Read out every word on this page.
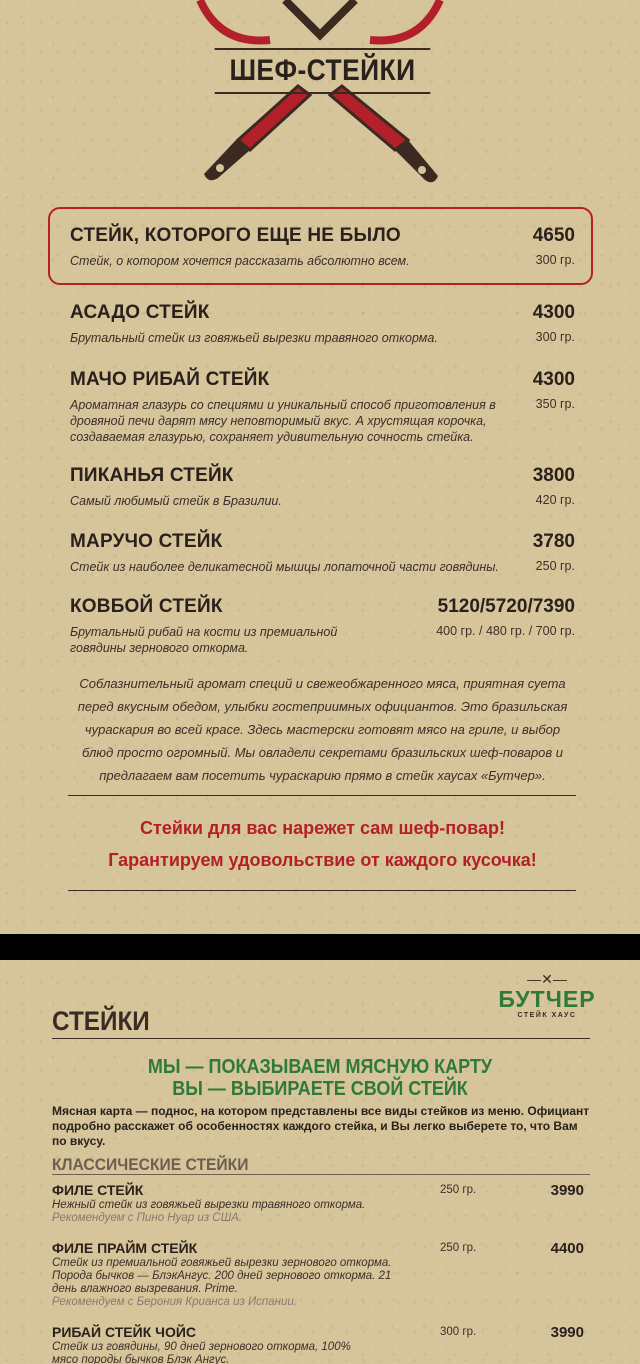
ШЕФ-СТЕЙКИ
СТЕЙК, КОТОРОГО ЕЩЕ НЕ БЫЛО	4650
Стейк, о котором хочется рассказать абсолютно всем.	300 гр.
АСАДО СТЕЙК	4300
Брутальный стейк из говяжьей вырезки травяного откорма.	300 гр.
МАЧО РИБАЙ СТЕЙК	4300
Ароматная глазурь со специями и уникальный способ приготовления в дровяной печи дарят мясу неповторимый вкус. А хрустящая корочка, создаваемая глазурью, сохраняет удивительную сочность стейка.
350 гр.
ПИКАНЬЯ СТЕЙК	3800
Самый любимый стейк в Бразилии.	420 гр.
МАРУЧО СТЕЙК	3780
Стейк из наиболее деликатесной мышцы лопаточной части говядины.	250 гр.
КОВБОЙ СТЕЙК	5120/5720/7390
Брутальный рибай на кости из премиальной говядины зернового откорма.
400 гр. / 480 гр. / 700 гр.
Соблазнительный аромат специй и свежеобжаренного мяса, приятная суета перед вкусным обедом, улыбки гостеприимных официантов. Это бразильская чураскария во всей красе. Здесь мастерски готовят мясо на гриле, и выбор блюд просто огромный. Мы овладели секретами бразильских шеф-поваров и предлагаем вам посетить чураскарию прямо в стейк хаусах «Бутчер».
Стейки для вас нарежет сам шеф-повар!
Гарантируем удовольствие от каждого кусочка!
—✕—
БУТЧЕР
СТЕЙК ХАУС
СТЕЙКИ
МЫ — ПОКАЗЫВАЕМ МЯСНУЮ КАРТУ
ВЫ — ВЫБИРАЕТЕ СВОЙ СТЕЙК
Мясная карта — поднос, на котором представлены все виды стейков из меню. Официант подробно расскажет об особенностях каждого стейка, и Вы легко выберете то, что Вам по вкусу.
КЛАССИЧЕСКИЕ СТЕЙКИ
ФИЛЕ СТЕЙК
Нежный стейк из говяжьей вырезки травяного откорма.
Рекомендуем с Пино Нуар из США.
250 гр.	3990
ФИЛЕ ПРАЙМ СТЕЙК
Стейк из премиальной говяжьей вырезки зернового откорма. Порода бычков — БлэкАнгус. 200 дней зернового откорма. 21 день влажного вызревания. Prime.
Рекомендуем с Берония Крианса из Испании.
250 гр.	4400
РИБАЙ СТЕЙК ЧОЙС
Стейк из говядины, 90 дней зернового откорма, 100% мясо породы бычков Блэк Ангус.
300 гр.	3990
